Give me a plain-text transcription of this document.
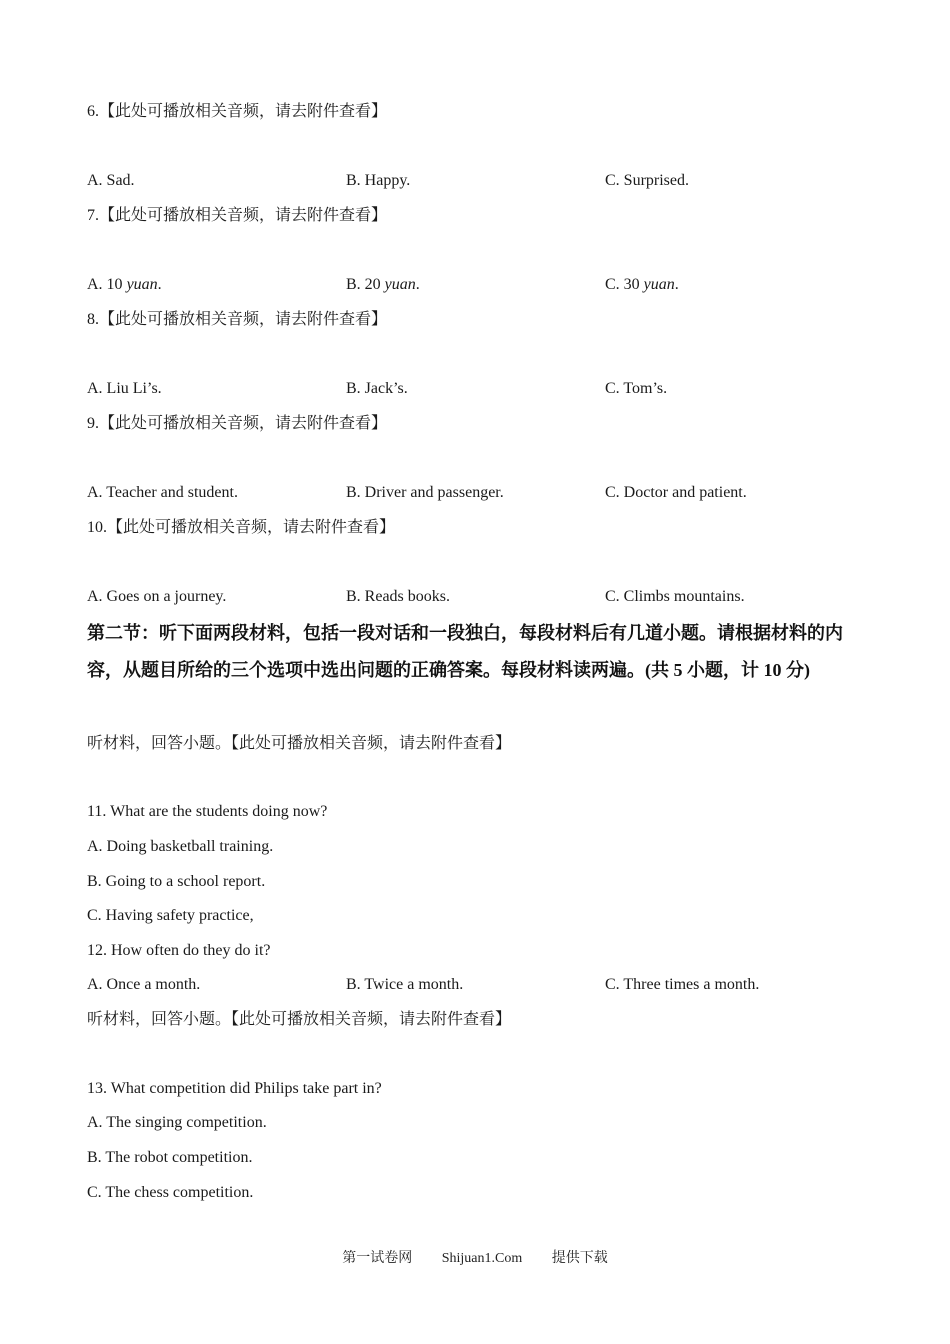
6.【此处可播放相关音频，请去附件查看】
A. Sad.	B. Happy.	C. Surprised.
7.【此处可播放相关音频，请去附件查看】
A. 10 yuan.	B. 20 yuan.	C. 30 yuan.
8.【此处可播放相关音频，请去附件查看】
A. Liu Li’s.	B. Jack’s.	C. Tom’s.
9.【此处可播放相关音频，请去附件查看】
A. Teacher and student.	B. Driver and passenger.	C. Doctor and patient.
10.【此处可播放相关音频，请去附件查看】
A. Goes on a journey.	B. Reads books.	C. Climbs mountains.
第二节：听下面两段材料，包括一段对话和一段独白，每段材料后有几道小题。请根据材料的内容，从题目所给的三个选项中选出问题的正确答案。每段材料读两遍。(共 5 小题，计 10 分)
听材料，回答小题。【此处可播放相关音频，请去附件查看】
11. What are the students doing now?
A. Doing basketball training.
B. Going to a school report.
C. Having safety practice,
12. How often do they do it?
A. Once a month.	B. Twice a month.	C. Three times a month.
听材料，回答小题。【此处可播放相关音频，请去附件查看】
13. What competition did Philips take part in?
A. The singing competition.
B. The robot competition.
C. The chess competition.
第一试卷网 Shijuan1.Com 提供下载
